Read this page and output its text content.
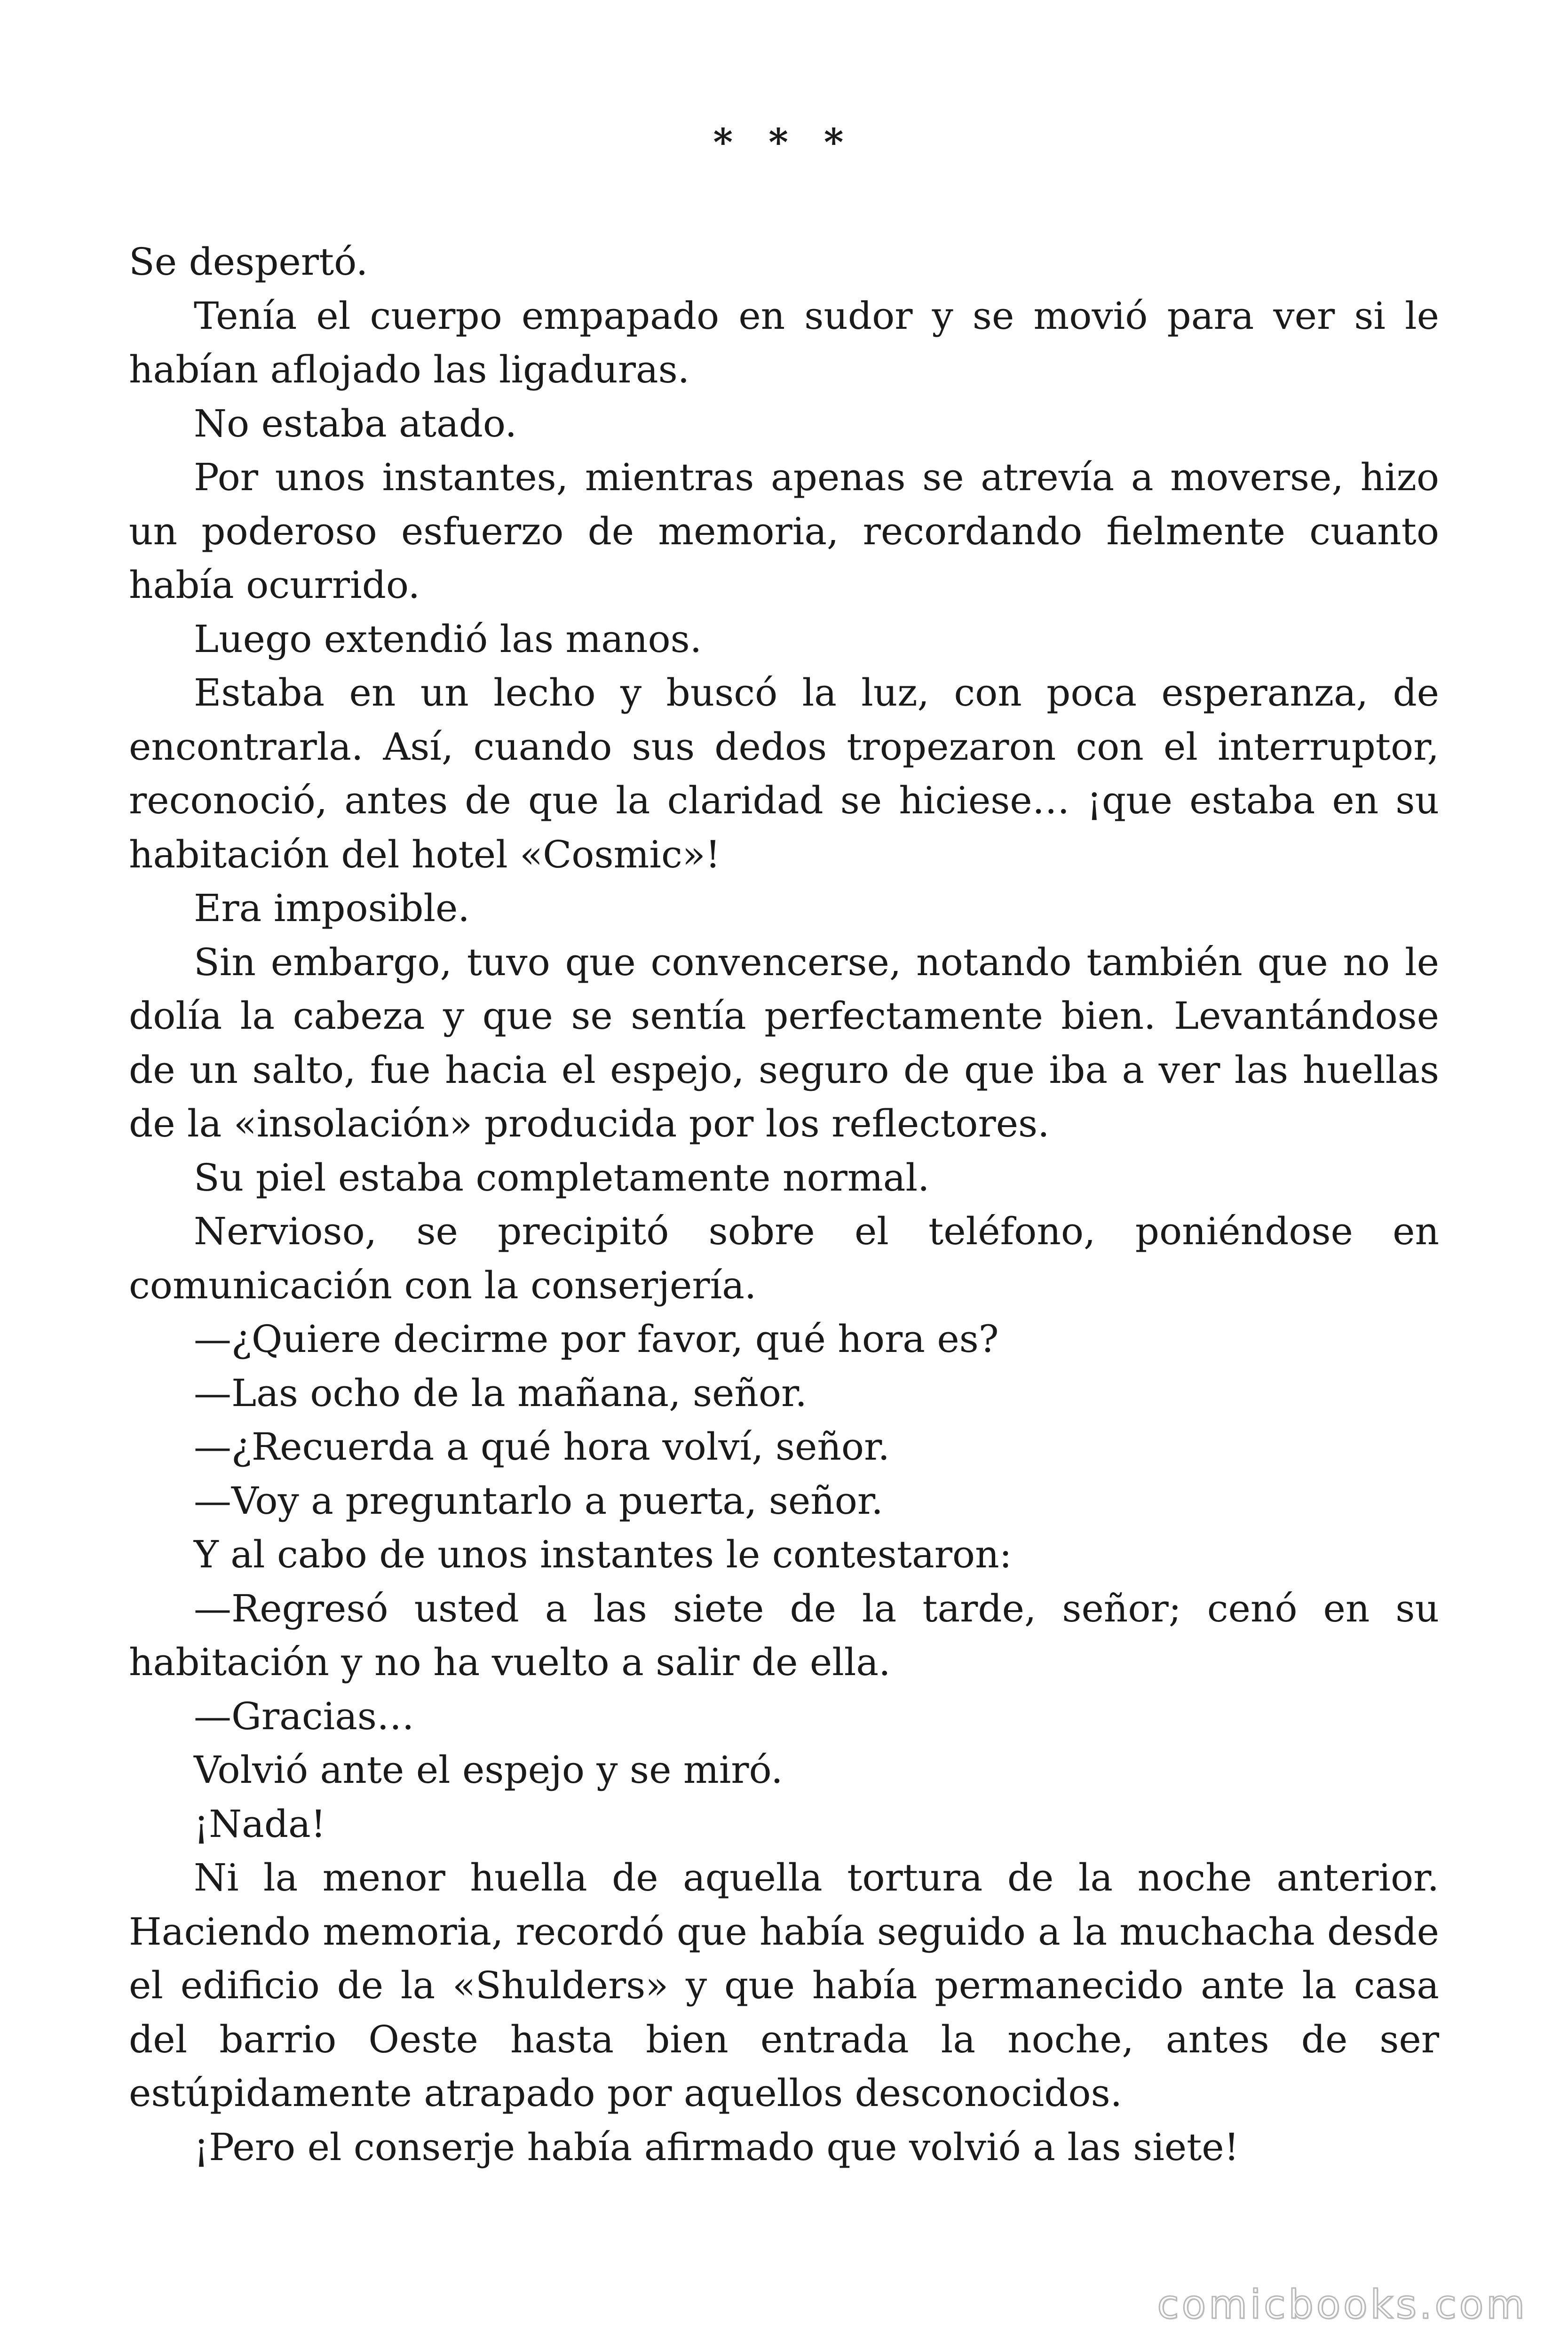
* * *

Se despertó.

Tenía el cuerpo empapado en sudor y se movió para ver si le habían aflojado las ligaduras.

No estaba atado.

Por unos instantes, mientras apenas se atrevía a moverse, hizo un poderoso esfuerzo de memoria, recordando fielmente cuanto había ocurrido.

Luego extendió las manos.

Estaba en un lecho y buscó la luz, con poca esperanza, de encontrarla. Así, cuando sus dedos tropezaron con el interruptor, reconoció, antes de que la claridad se hiciese… ¡que estaba en su habitación del hotel «Cosmic»!

Era imposible.

Sin embargo, tuvo que convencerse, notando también que no le dolía la cabeza y que se sentía perfectamente bien. Levantándose de un salto, fue hacia el espejo, seguro de que iba a ver las huellas de la «insolación» producida por los reflectores.

Su piel estaba completamente normal.

Nervioso, se precipitó sobre el teléfono, poniéndose en comunicación con la conserjería.

—¿Quiere decirme por favor, qué hora es?

—Las ocho de la mañana, señor.

—¿Recuerda a qué hora volví, señor.

—Voy a preguntarlo a puerta, señor.

Y al cabo de unos instantes le contestaron:

—Regresó usted a las siete de la tarde, señor; cenó en su habitación y no ha vuelto a salir de ella.

—Gracias…

Volvió ante el espejo y se miró.

¡Nada!

Ni la menor huella de aquella tortura de la noche anterior. Haciendo memoria, recordó que había seguido a la muchacha desde el edificio de la «Shulders» y que había permanecido ante la casa del barrio Oeste hasta bien entrada la noche, antes de ser estúpidamente atrapado por aquellos desconocidos.

¡Pero el conserje había afirmado que volvió a las siete!

comicbooks.com
